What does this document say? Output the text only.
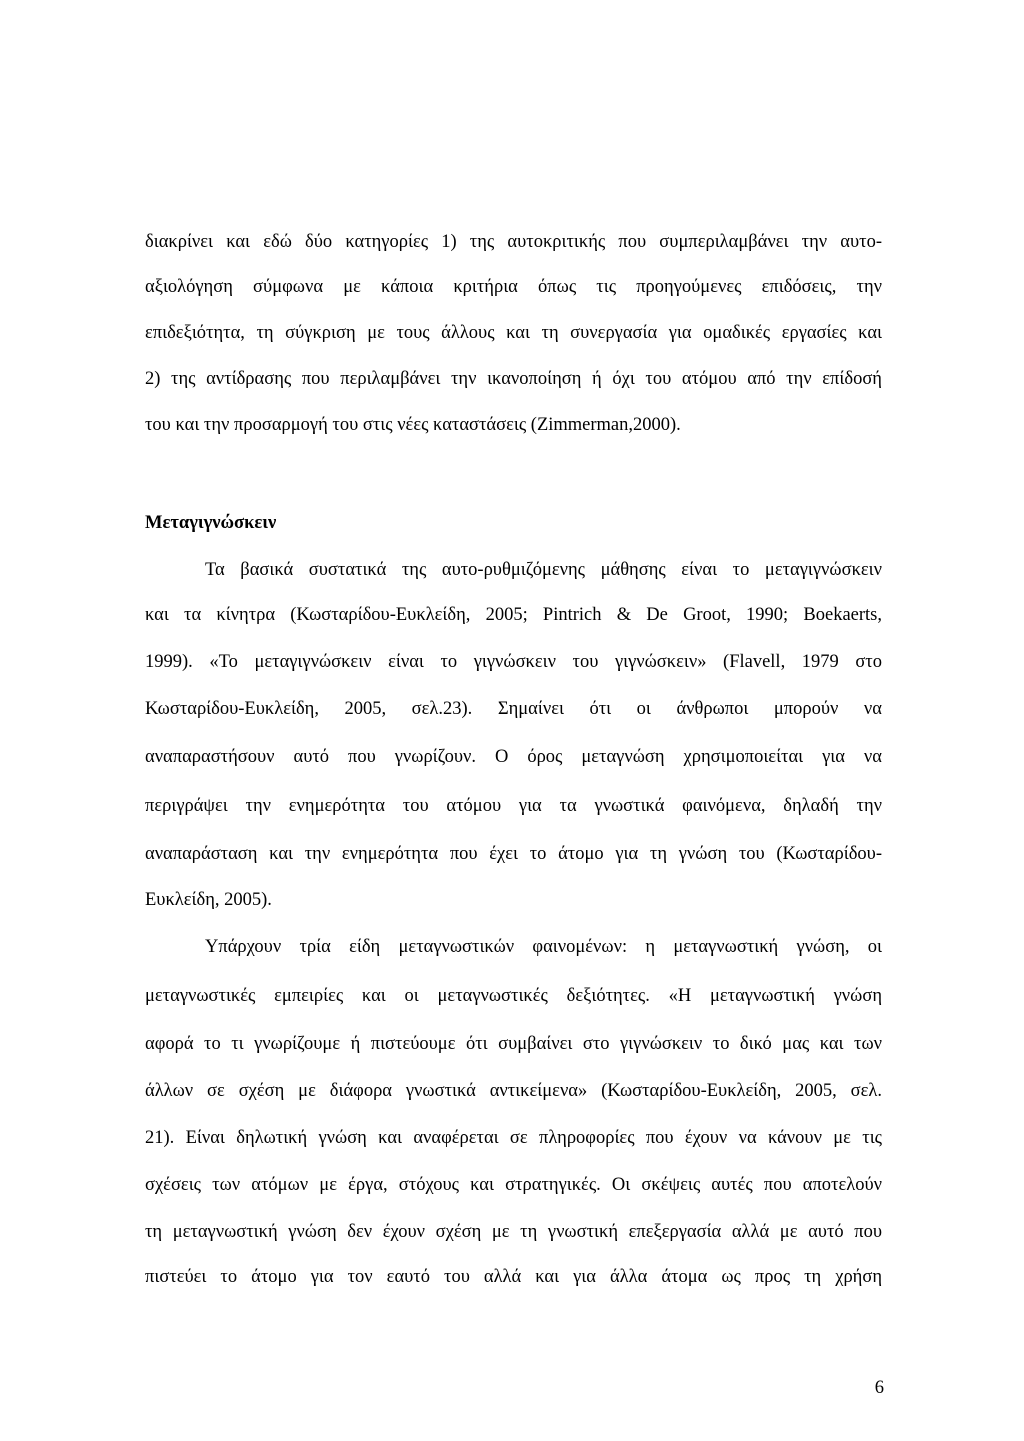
διακρίνει και εδώ δύο κατηγορίες 1) της αυτοκριτικής που συμπεριλαμβάνει την αυτο-
αξιολόγηση σύμφωνα με κάποια κριτήρια όπως τις προηγούμενες επιδόσεις, την
επιδεξιότητα, τη σύγκριση με τους άλλους και τη συνεργασία για ομαδικές εργασίες και
2) της αντίδρασης που περιλαμβάνει την ικανοποίηση ή όχι του ατόμου από την επίδοσή
του και την προσαρμογή του στις νέες καταστάσεις (Zimmerman,2000).
Μεταγιγνώσκειν
Τα βασικά συστατικά της αυτο-ρυθμιζόμενης μάθησης είναι το μεταγιγνώσκειν
και τα κίνητρα (Κωσταρίδου-Ευκλείδη, 2005; Pintrich & De Groot, 1990; Boekaerts,
1999). «Το μεταγιγνώσκειν είναι το γιγνώσκειν του γιγνώσκειν» (Flavell, 1979 στο
Κωσταρίδου-Ευκλείδη, 2005, σελ.23). Σημαίνει ότι οι άνθρωποι μπορούν να
αναπαραστήσουν αυτό που γνωρίζουν. Ο όρος μεταγνώση χρησιμοποιείται για να
περιγράψει την ενημερότητα του ατόμου για τα γνωστικά φαινόμενα, δηλαδή την
αναπαράσταση και την ενημερότητα που έχει το άτομο για τη γνώση του (Κωσταρίδου-
Ευκλείδη, 2005).
Υπάρχουν τρία είδη μεταγνωστικών φαινομένων: η μεταγνωστική γνώση, οι
μεταγνωστικές εμπειρίες και οι μεταγνωστικές δεξιότητες. «Η μεταγνωστική γνώση
αφορά το τι γνωρίζουμε ή πιστεύουμε ότι συμβαίνει στο γιγνώσκειν το δικό μας και των
άλλων σε σχέση με διάφορα γνωστικά αντικείμενα» (Κωσταρίδου-Ευκλείδη, 2005, σελ.
21). Είναι δηλωτική γνώση και αναφέρεται σε πληροφορίες που έχουν να κάνουν με τις
σχέσεις των ατόμων με έργα, στόχους και στρατηγικές. Οι σκέψεις αυτές που αποτελούν
τη μεταγνωστική γνώση δεν έχουν σχέση με τη γνωστική επεξεργασία αλλά με αυτό που
πιστεύει το άτομο για τον εαυτό του αλλά και για άλλα άτομα ως προς τη χρήση
6
